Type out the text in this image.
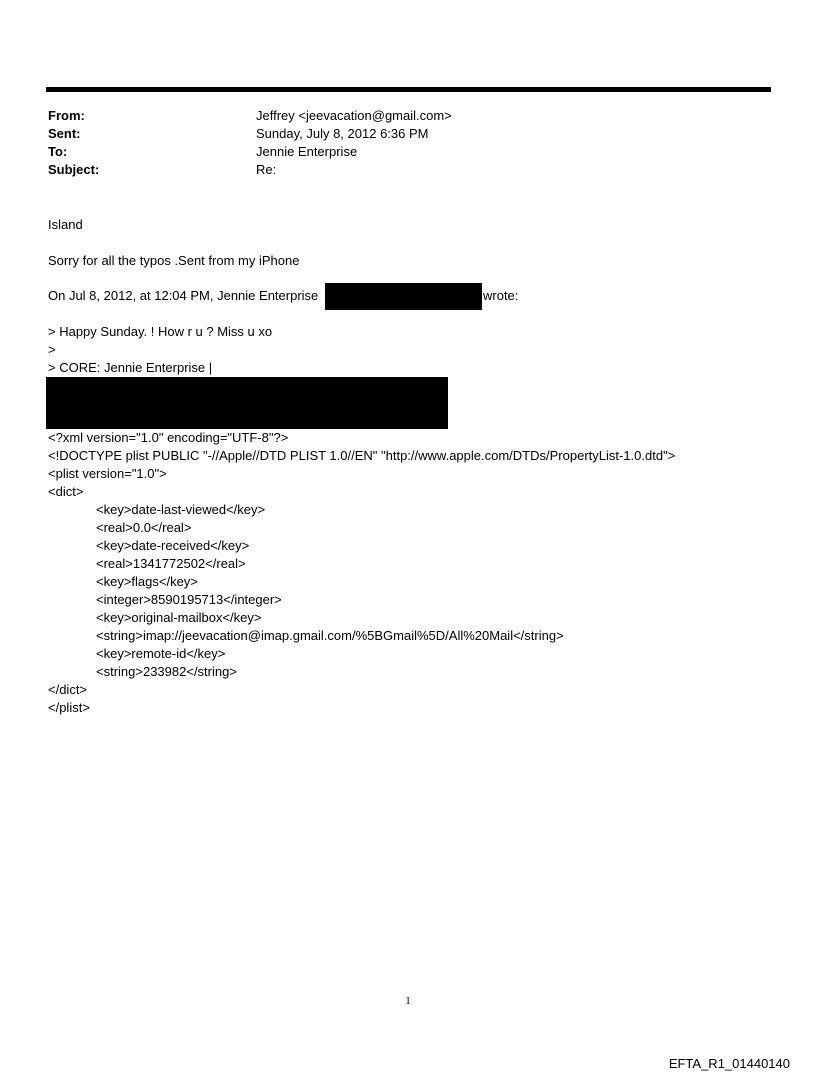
From:	Jeffrey <jeevacation@gmail.com>
Sent:	Sunday, July 8, 2012 6:36 PM
To:	Jennie Enterprise
Subject:	Re:
Island
Sorry for all the typos .Sent from my iPhone
On Jul 8, 2012, at 12:04 PM, Jennie Enterprise	wrote:
> Happy Sunday. ! How r u ? Miss u xo
>
> CORE: Jennie Enterprise |
<?xml version="1.0" encoding="UTF-8"?>
<!DOCTYPE plist PUBLIC "-//Apple//DTD PLIST 1.0//EN" "http://www.apple.com/DTDs/PropertyList-1.0.dtd">
<plist version="1.0">
<dict>
<key>date-last-viewed</key>
<real>0.0</real>
<key>date-received</key>
<real>1341772502</real>
<key>flags</key>
<integer>8590195713</integer>
<key>original-mailbox</key>
<string>imap://jeevacation@imap.gmail.com/%5BGmail%5D/All%20Mail</string>
<key>remote-id</key>
<string>233982</string>
</dict>
</plist>
1
EFTA_R1_01440140
